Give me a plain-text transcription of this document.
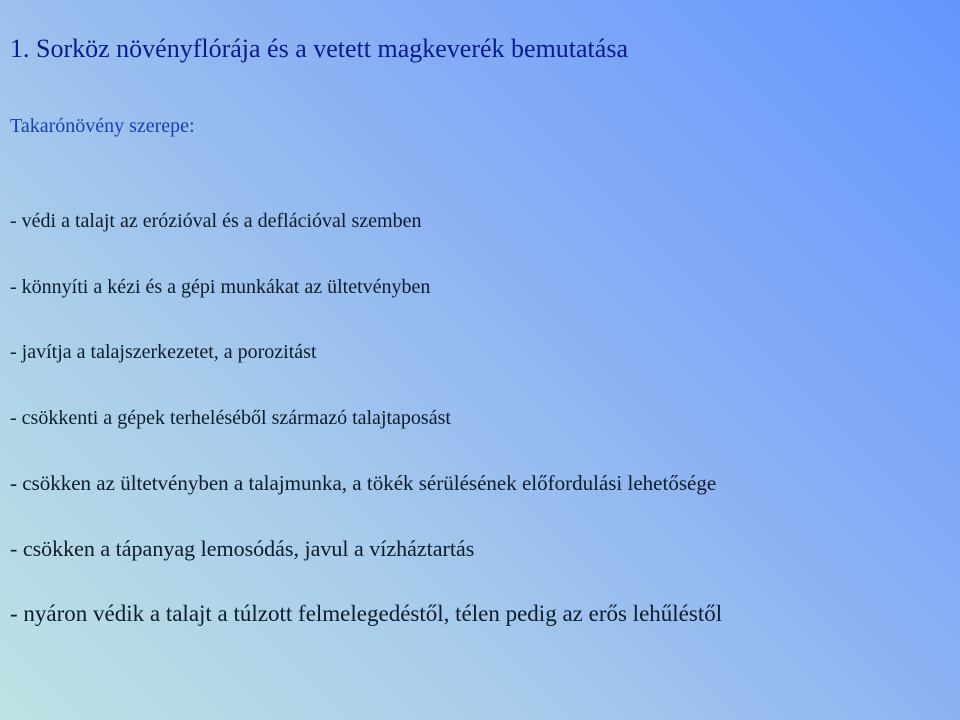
1. Sorköz növényflórája és a vetett magkeverék bemutatása
Takarónövény szerepe:
- védi a talajt az erózióval és a deflációval szemben
- könnyíti a kézi és a gépi munkákat az ültetvényben
- javítja a talajszerkezetet, a porozitást
- csökkenti a gépek terheléséből származó talajtaposást
- csökken az ültetvényben a talajmunka, a tökék sérülésének előfordulási lehetősége
- csökken a tápanyag lemosódás, javul a vízháztartás
- nyáron védik a talajt a túlzott felmelegedéstől, télen pedig az erős lehűléstől
